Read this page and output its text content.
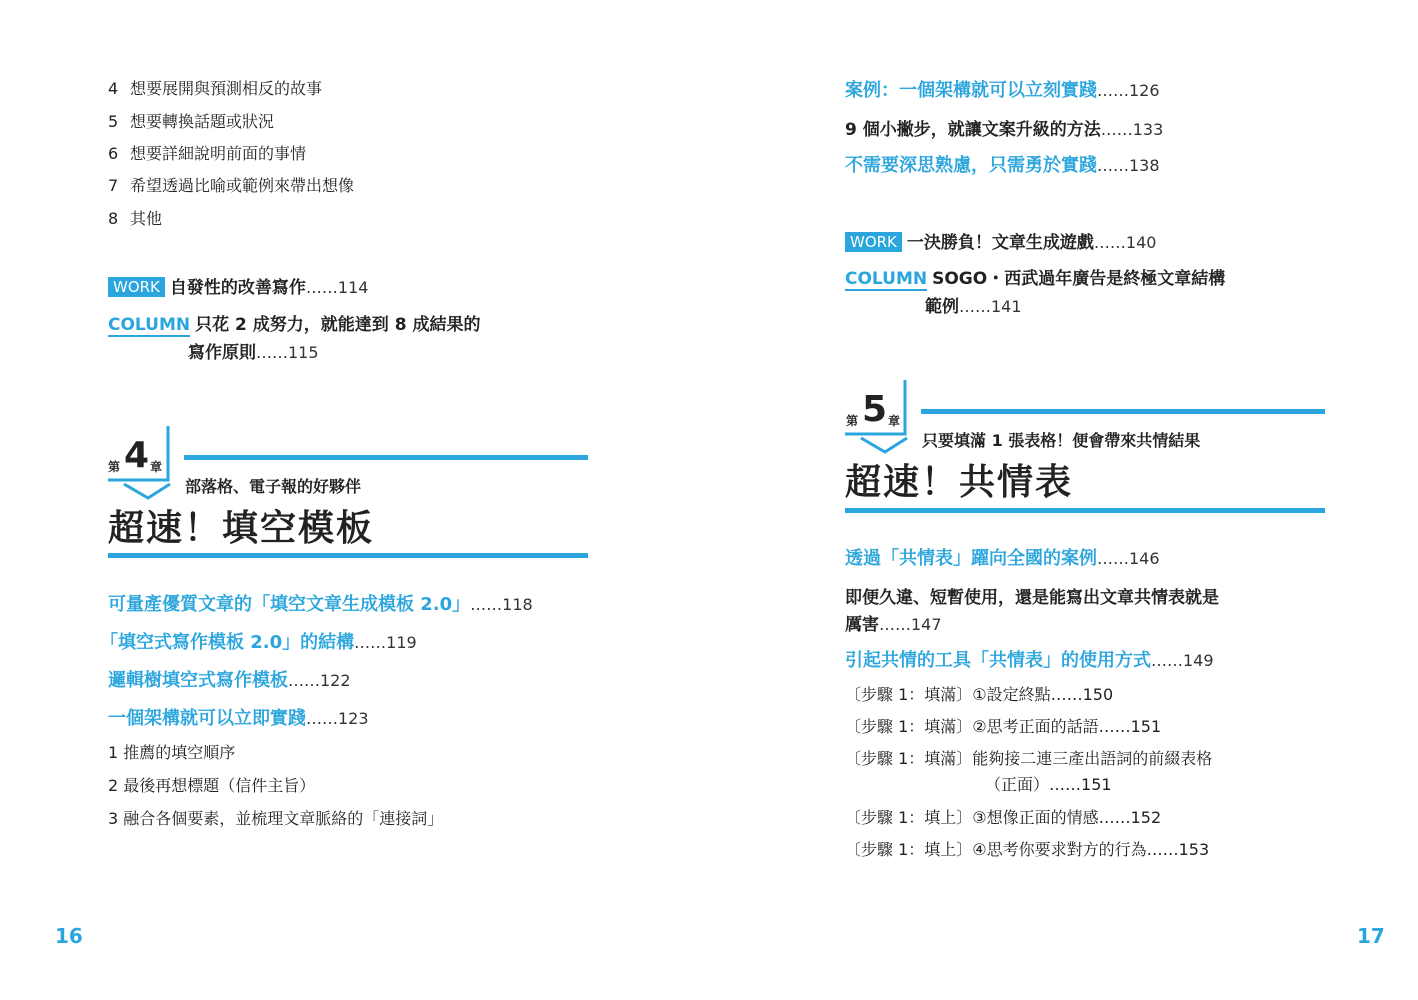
4 想要展開與預測相反的故事
5 想要轉換話題或狀況
6 想要詳細說明前面的事情
7 希望透過比喻或範例來帶出想像
8 其他
WORK 自發性的改善寫作……114
COLUMN 只花 2 成努力，就能達到 8 成結果的
寫作原則……115
第 4 章
部落格、電子報的好夥伴
超速！填空模板
可量產優質文章的「填空文章生成模板 2.0」……118
「填空式寫作模板 2.0」的結構……119
邏輯樹填空式寫作模板……122
一個架構就可以立即實踐……123
1 推薦的填空順序
2 最後再想標題（信件主旨）
3 融合各個要素，並梳理文章脈絡的「連接詞」
16
案例：一個架構就可以立刻實踐……126
9 個小撇步，就讓文案升級的方法……133
不需要深思熟慮，只需勇於實踐……138
WORK 一決勝負！文章生成遊戲……140
COLUMN SOGO・西武過年廣告是終極文章結構
範例……141
第 5 章
只要填滿 1 張表格！便會帶來共情結果
超速！共情表
透過「共情表」躍向全國的案例……146
即便久違、短暫使用，還是能寫出文章共情表就是
厲害……147
引起共情的工具「共情表」的使用方式……149
〔步驟 1：填滿〕①設定終點……150
〔步驟 1：填滿〕②思考正面的話語……151
〔步驟 1：填滿〕能夠接二連三產出語詞的前綴表格
（正面）……151
〔步驟 1：填上〕③想像正面的情感……152
〔步驟 1：填上〕④思考你要求對方的行為……153
17
